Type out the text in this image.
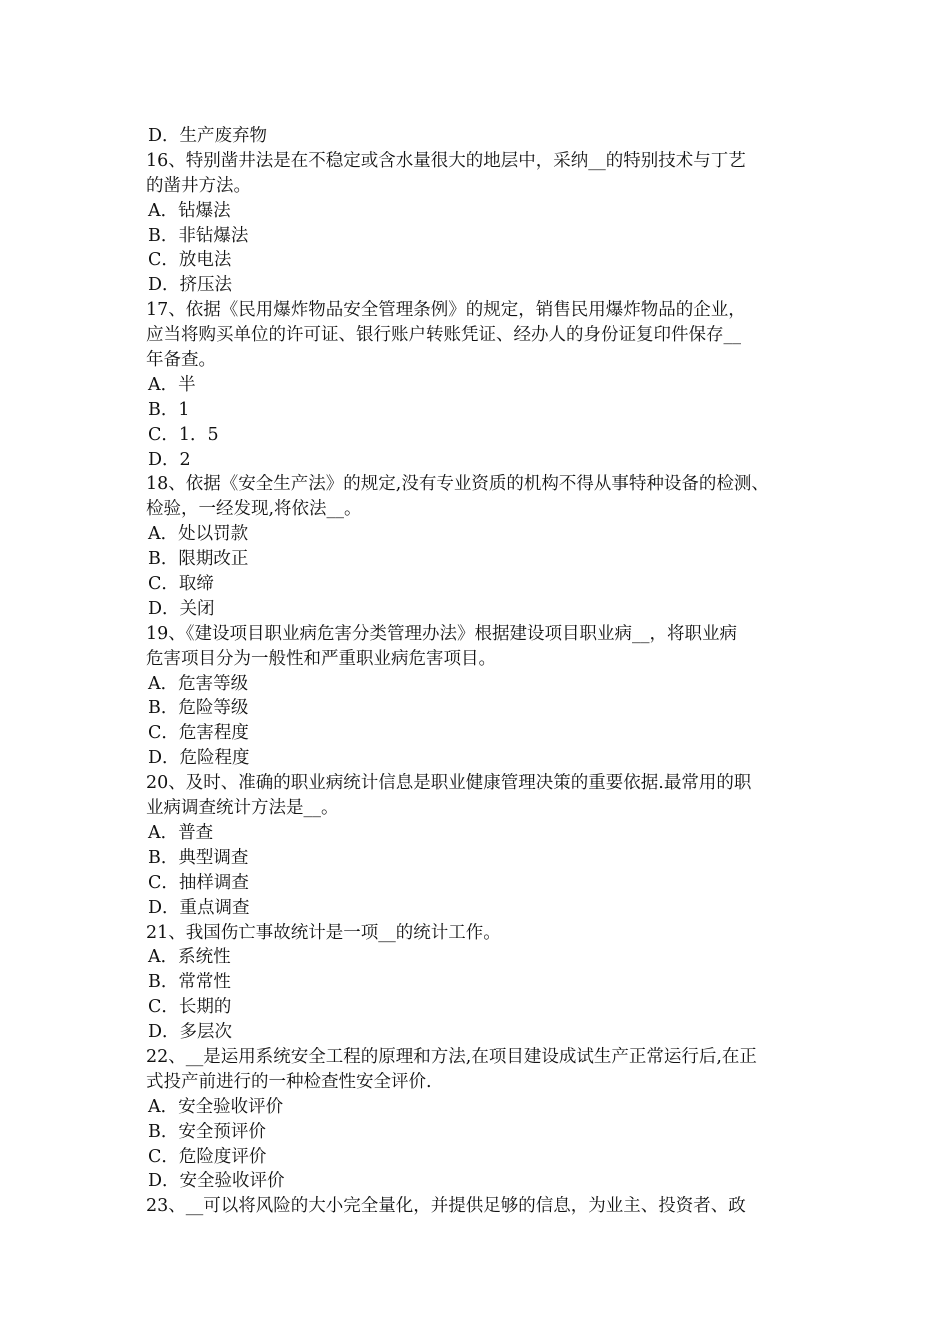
D．生产废弃物
16、特别凿井法是在不稳定或含水量很大的地层中，采纳__的特别技术与丁艺
的凿井方法。
A．钻爆法
B．非钻爆法
C．放电法
D．挤压法
17、依据《民用爆炸物品安全管理条例》的规定，销售民用爆炸物品的企业，
应当将购买单位的许可证、银行账户转账凭证、经办人的身份证复印件保存__
年备查。
A．半
B．1
C．1．5
D．2
18、依据《安全生产法》的规定,没有专业资质的机构不得从事特种设备的检测、
检验，一经发现,将依法__。
A．处以罚款
B．限期改正
C．取缔
D．关闭
19、《建设项目职业病危害分类管理办法》根据建设项目职业病__，将职业病
危害项目分为一般性和严重职业病危害项目。
A．危害等级
B．危险等级
C．危害程度
D．危险程度
20、及时、准确的职业病统计信息是职业健康管理决策的重要依据.最常用的职
业病调查统计方法是__。
A．普查
B．典型调查
C．抽样调查
D．重点调查
21、我国伤亡事故统计是一项__的统计工作。
A．系统性
B．常常性
C．长期的
D．多层次
22、__是运用系统安全工程的原理和方法,在项目建设成试生产正常运行后,在正
式投产前进行的一种检查性安全评价.
A．安全验收评价
B．安全预评价
C．危险度评价
D．安全验收评价
23、__可以将风险的大小完全量化，并提供足够的信息，为业主、投资者、政
